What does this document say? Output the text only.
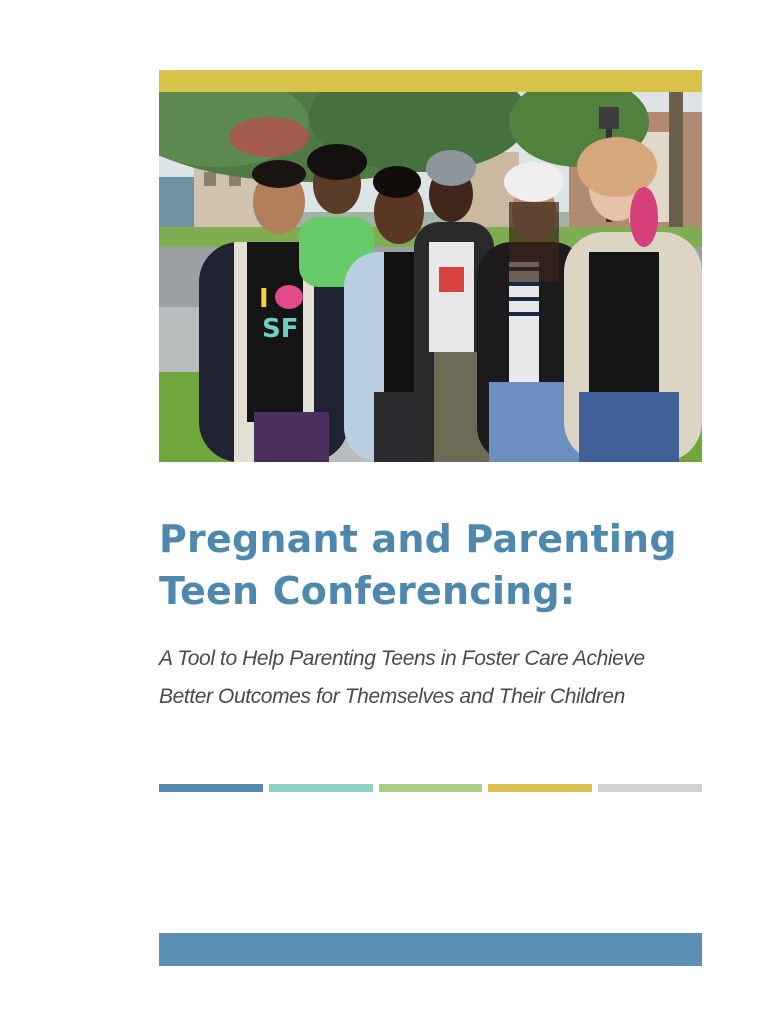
I
SF
Pregnant and Parenting
Teen Conferencing:

A Tool to Help Parenting Teens in Foster Care Achieve
Better Outcomes for Themselves and Their Children
